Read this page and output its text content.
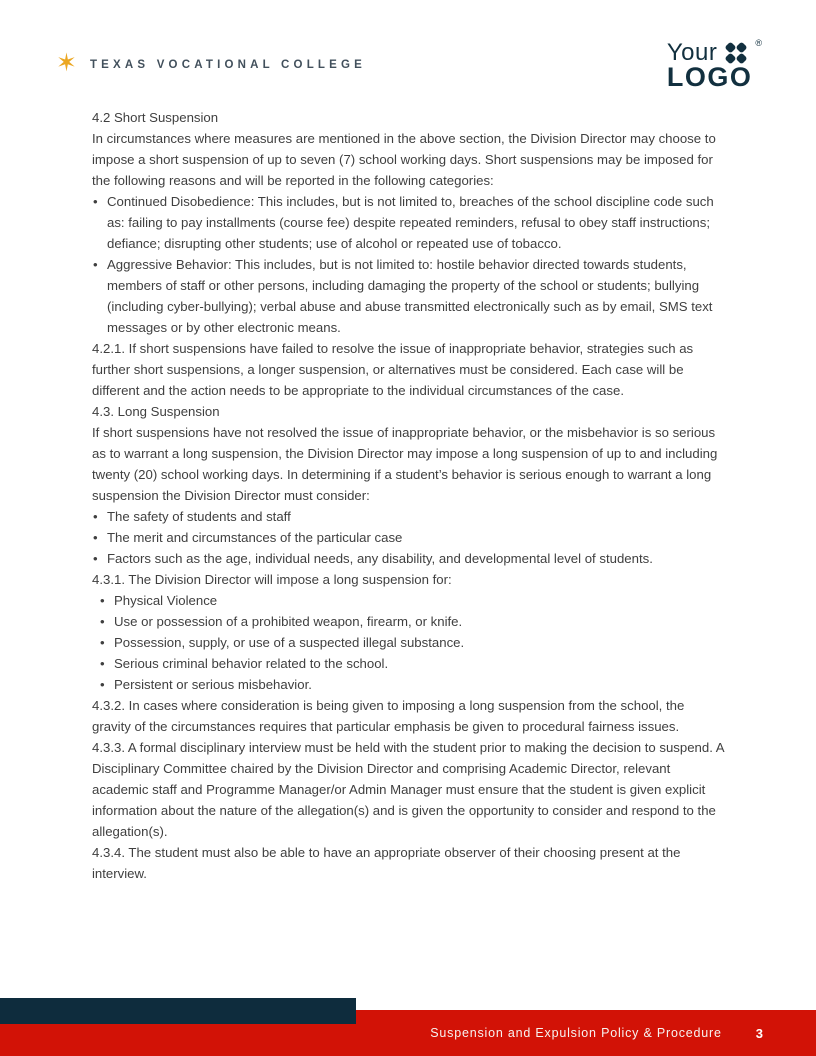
✶ TEXAS VOCATIONAL COLLEGE	Your	®
LOGO

4.2 Short Suspension

In circumstances where measures are mentioned in the above section, the Division Director may choose to impose a short suspension of up to seven (7) school working days. Short suspensions may be imposed for the following reasons and will be reported in the following categories:

• Continued Disobedience: This includes, but is not limited to, breaches of the school discipline code such as: failing to pay installments (course fee) despite repeated reminders, refusal to obey staff instructions; defiance; disrupting other students; use of alcohol or repeated use of tobacco.
• Aggressive Behavior: This includes, but is not limited to: hostile behavior directed towards students, members of staff or other persons, including damaging the property of the school or students; bullying (including cyber-bullying); verbal abuse and abuse transmitted electronically such as by email, SMS text messages or by other electronic means.

4.2.1. If short suspensions have failed to resolve the issue of inappropriate behavior, strategies such as further short suspensions, a longer suspension, or alternatives must be considered. Each case will be different and the action needs to be appropriate to the individual circumstances of the case.

4.3. Long Suspension

If short suspensions have not resolved the issue of inappropriate behavior, or the misbehavior is so serious as to warrant a long suspension, the Division Director may impose a long suspension of up to and including twenty (20) school working days. In determining if a student’s behavior is serious enough to warrant a long suspension the Division Director must consider:

• The safety of students and staff
• The merit and circumstances of the particular case
• Factors such as the age, individual needs, any disability, and developmental level of students.

4.3.1. The Division Director will impose a long suspension for:

• Physical Violence
• Use or possession of a prohibited weapon, firearm, or knife.
• Possession, supply, or use of a suspected illegal substance.
• Serious criminal behavior related to the school.
• Persistent or serious misbehavior.

4.3.2. In cases where consideration is being given to imposing a long suspension from the school, the gravity of the circumstances requires that particular emphasis be given to procedural fairness issues.

4.3.3. A formal disciplinary interview must be held with the student prior to making the decision to suspend. A Disciplinary Committee chaired by the Division Director and comprising Academic Director, relevant academic staff and Programme Manager/or Admin Manager must ensure that the student is given explicit information about the nature of the allegation(s) and is given the opportunity to consider and respond to the allegation(s).

4.3.4. The student must also be able to have an appropriate observer of their choosing present at the interview.

Suspension and Expulsion Policy & Procedure	3
